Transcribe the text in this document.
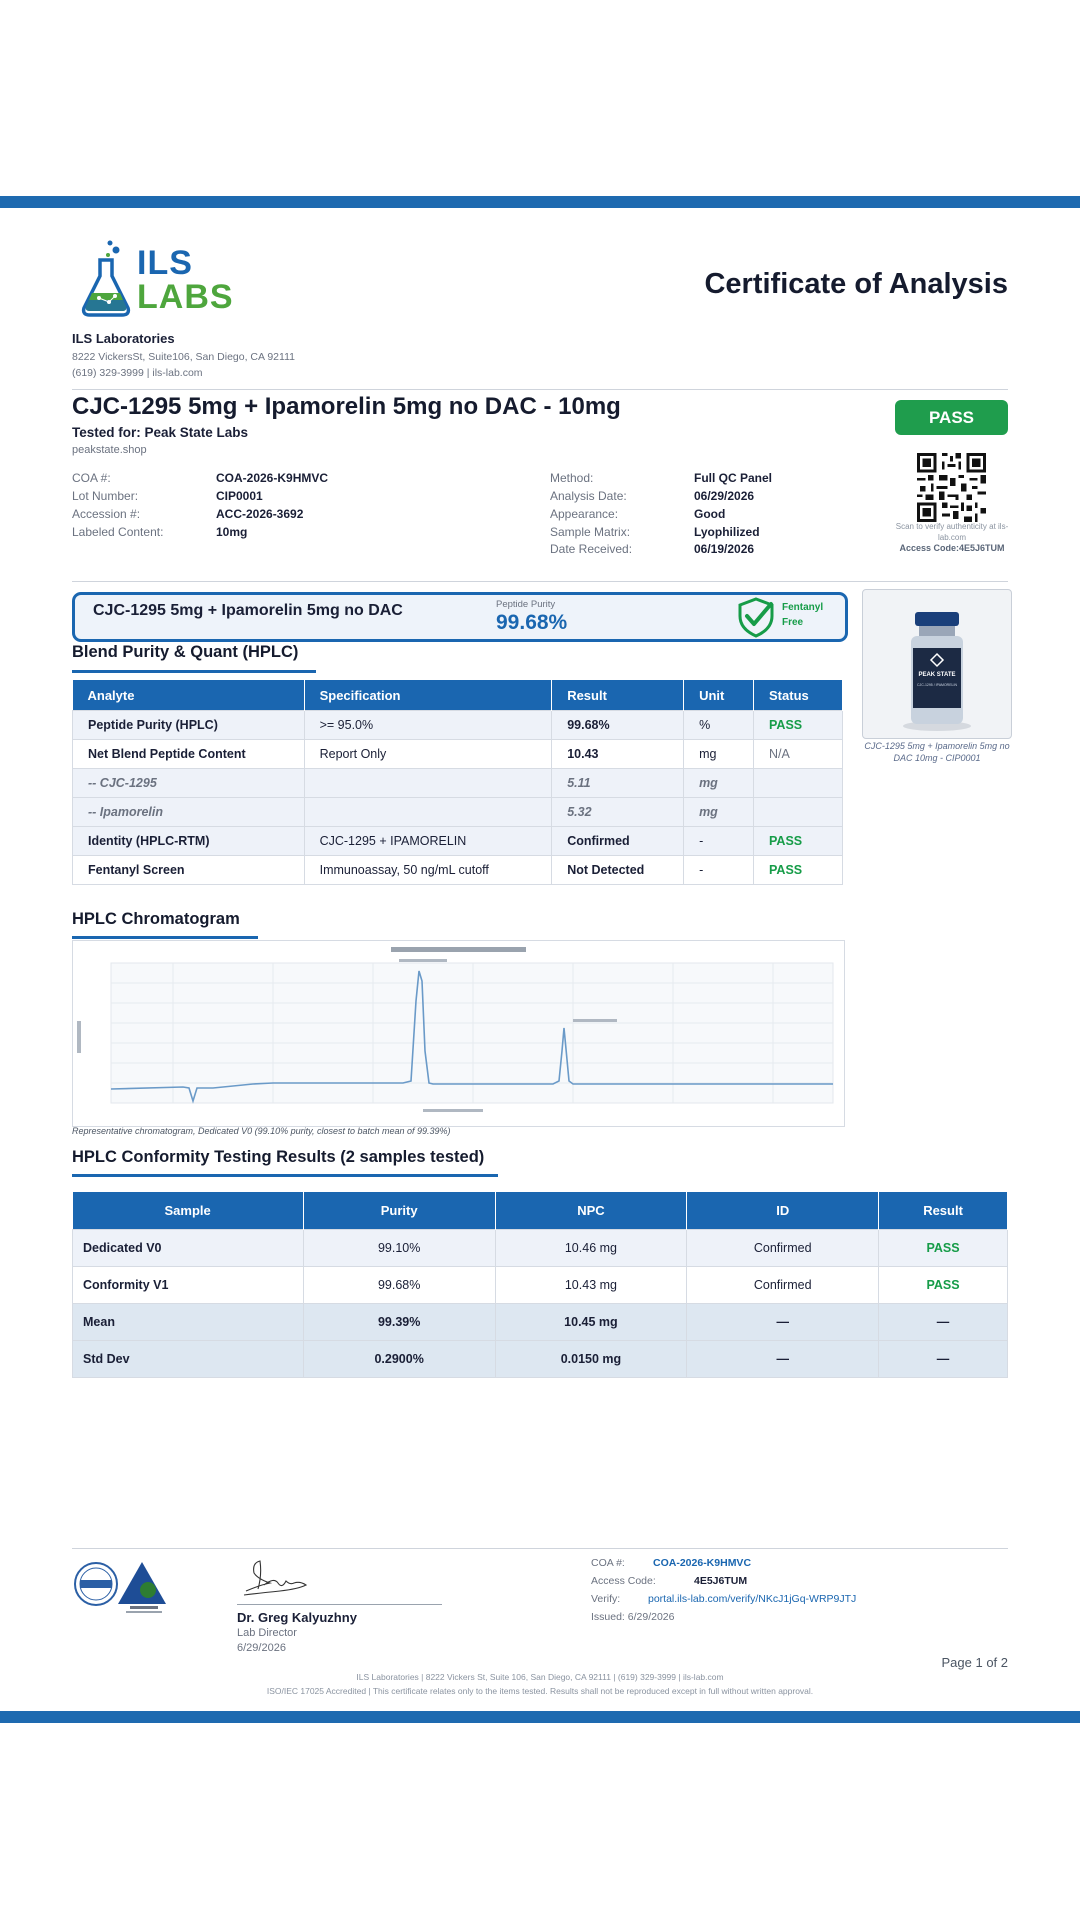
ILS
LABS	Certificate of Analysis
ILS Laboratories
8222 VickersSt, Suite106, San Diego, CA 92111
(619) 329-3999 | ils-lab.com
CJC-1295 5mg + Ipamorelin 5mg no DAC - 10mg
Tested for: Peak State Labs
peakstate.shop
PASS
COA #:	COA-2026-K9HMVC
Lot Number:	CIP0001
Accession #:	ACC-2026-3692
Labeled Content:	10mg
Method:	Full QC Panel
Analysis Date:	06/29/2026
Appearance:	Good
Sample Matrix:	Lyophilized
Date Received:	06/19/2026
Scan to verify authenticity at ils-lab.com
Access Code:4E5J6TUM
CJC-1295 5mg + Ipamorelin 5mg no DAC	Peptide Purity
99.68%
Fentanyl
Free
PEAK STATE
CJC-1295 / IPAMORELIN
CJC-1295 5mg + Ipamorelin 5mg no DAC 10mg - CIP0001
Blend Purity & Quant (HPLC)
Analyte	Specification	Result	Unit	Status
Peptide Purity (HPLC)	>= 95.0%	99.68%	%	PASS
Net Blend Peptide Content	Report Only	10.43	mg	N/A
-- CJC-1295		5.11	mg	
-- Ipamorelin		5.32	mg	
Identity (HPLC-RTM)	CJC-1295 + IPAMORELIN	Confirmed	-	PASS
Fentanyl Screen	Immunoassay, 50 ng/mL cutoff	Not Detected	-	PASS
HPLC Chromatogram
Representative chromatogram, Dedicated V0 (99.10% purity, closest to batch mean of 99.39%)
HPLC Conformity Testing Results (2 samples tested)
Sample	Purity	NPC	ID	Result
Dedicated V0	99.10%	10.46 mg	Confirmed	PASS
Conformity V1	99.68%	10.43 mg	Confirmed	PASS
Mean	99.39%	10.45 mg	—	—
Std Dev	0.2900%	0.0150 mg	—	—
Dr. Greg Kalyuzhny
Lab Director
6/29/2026
COA #:	COA-2026-K9HMVC
Access Code:	4E5J6TUM
Verify:	portal.ils-lab.com/verify/NKcJ1jGq-WRP9JTJ
Issued: 6/29/2026
Page 1 of 2
ILS Laboratories | 8222 Vickers St, Suite 106, San Diego, CA 92111 | (619) 329-3999 | ils-lab.com
ISO/IEC 17025 Accredited | This certificate relates only to the items tested. Results shall not be reproduced except in full without written approval.
